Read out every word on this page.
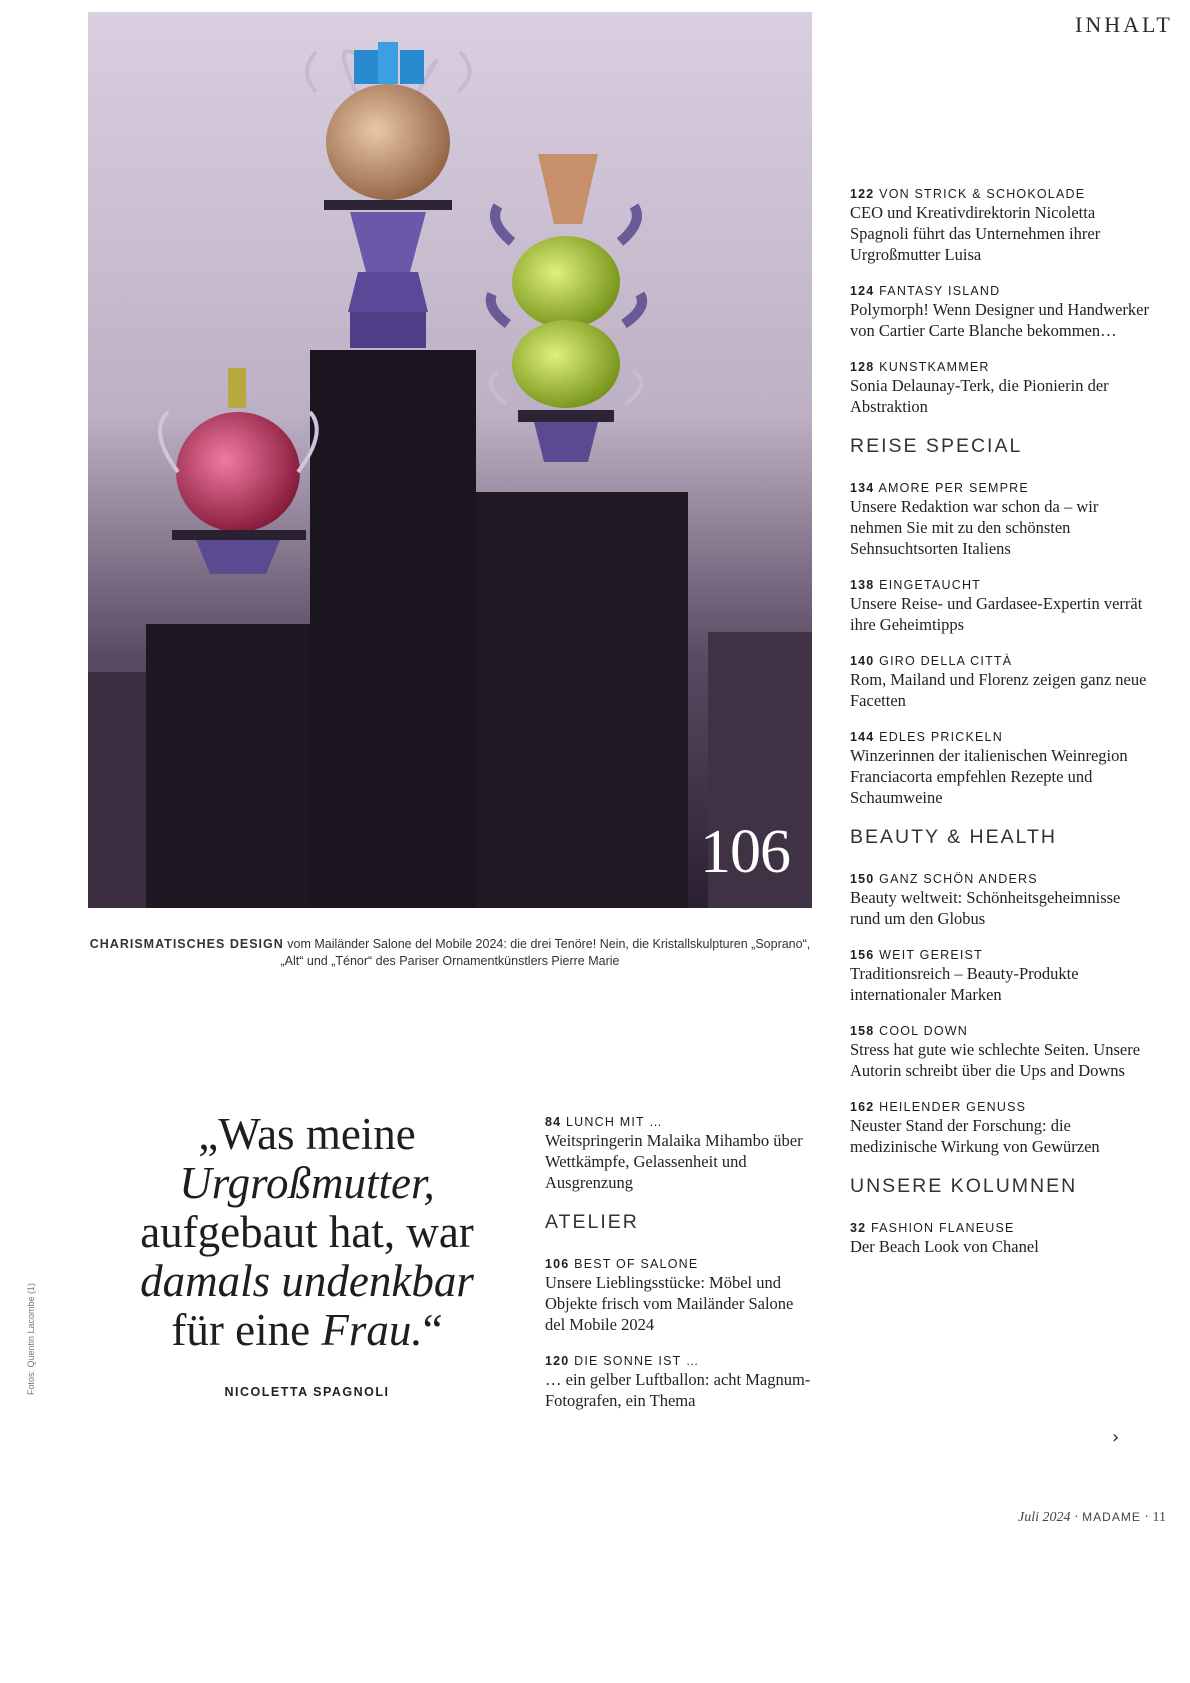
INHALT
106
CHARISMATISCHES DESIGN vom Mailänder Salone del Mobile 2024: die drei Tenöre! Nein, die Kristallskulpturen „Soprano“, „Alt“ und „Ténor“ des Pariser Ornamentkünstlers Pierre Marie
„Was meine
Urgroßmutter,
aufgebaut hat, war
damals undenkbar
für eine Frau.“
NICOLETTA SPAGNOLI
Fotos: Quentin Lacombe (1)
84 LUNCH MIT …
Weitspringerin Malaika Mihambo über Wettkämpfe, Gelassenheit und Ausgrenzung
ATELIER
106 BEST OF SALONE
Unsere Lieblingsstücke: Möbel und Objekte frisch vom Mailänder Salone del Mobile 2024
120 DIE SONNE IST …
… ein gelber Luftballon: acht Magnum-Fotografen, ein Thema
122 VON STRICK & SCHOKOLADE
CEO und Kreativdirektorin Nicoletta Spagnoli führt das Unternehmen ihrer Urgroßmutter Luisa
124 FANTASY ISLAND
Polymorph! Wenn Designer und Handwerker von Cartier Carte Blanche bekommen…
128 KUNSTKAMMER
Sonia Delaunay-Terk, die Pionierin der Abstraktion
REISE SPECIAL
134 AMORE PER SEMPRE
Unsere Redaktion war schon da – wir nehmen Sie mit zu den schönsten Sehnsuchtsorten Italiens
138 EINGETAUCHT
Unsere Reise- und Gardasee-Expertin verrät ihre Geheimtipps
140 GIRO DELLA CITTÀ
Rom, Mailand und Florenz zeigen ganz neue Facetten
144 EDLES PRICKELN
Winzerinnen der italienischen Weinregion Franciacorta empfehlen Rezepte und Schaumweine
BEAUTY & HEALTH
150 GANZ SCHÖN ANDERS
Beauty weltweit: Schönheitsgeheimnisse rund um den Globus
156 WEIT GEREIST
Traditionsreich – Beauty-Produkte internationaler Marken
158 COOL DOWN
Stress hat gute wie schlechte Seiten. Unsere Autorin schreibt über die Ups and Downs
162 HEILENDER GENUSS
Neuster Stand der Forschung: die medizinische Wirkung von Gewürzen
UNSERE KOLUMNEN
32 FASHION FLANEUSE
Der Beach Look von Chanel
›
Juli 2024 · MADAME · 11
